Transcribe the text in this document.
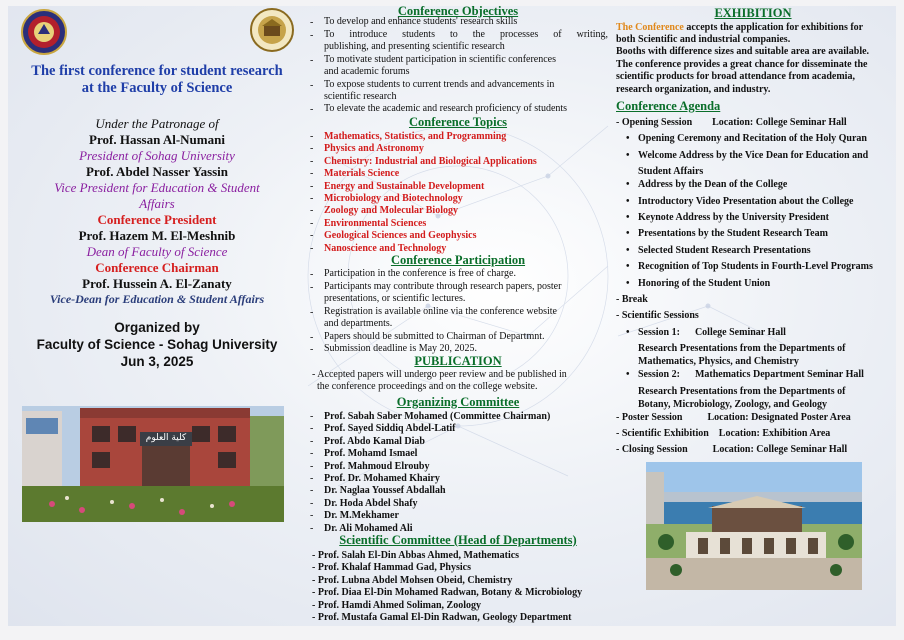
The first conference for student research
at the Faculty of Science
Under the Patronage of
Prof. Hassan Al-Numani
President of Sohag University
Prof. Abdel Nasser Yassin
Vice President for Education & Student
Affairs
Conference President
Prof. Hazem M. El-Meshnib
Dean of Faculty of Science
Conference Chairman
Prof. Hussein A. El-Zanaty
Vice-Dean for Education & Student Affairs
Organized by
Faculty of Science - Sohag University
Jun 3, 2025
كلية العلوم
Conference Objectives
- To develop and enhance students' research skills
- To introduce students to the processes of writing,
publishing, and presenting scientific research
- To motivate student participation in scientific conferences
and academic forums
- To expose students to current trends and advancements in
scientific research
- To elevate the academic and research proficiency of students
Conference Topics
- Mathematics, Statistics, and Programming
- Physics and Astronomy
- Chemistry: Industrial and Biological Applications
- Materials Science
- Energy and Sustainable Development
- Microbiology and Biotechnology
- Zoology and Molecular Biology
- Environmental Sciences
- Geological Sciences and Geophysics
- Nanoscience and Technology
Conference Participation
- Participation in the conference is free of charge.
- Participants may contribute through research papers, poster
presentations, or scientific lectures.
- Registration is available online via the conference website
and departments.
- Papers should be submitted to Chairman of Departmnt.
- Submission deadline is May 20, 2025.
PUBLICATION
- Accepted papers will undergo peer review and be published in
the conference proceedings and on the college website.
Organizing Committee
- Prof. Sabah Saber Mohamed (Committee Chairman)
- Prof. Sayed Siddiq Abdel-Latif
- Prof. Abdo Kamal Diab
- Prof. Mohamd Ismael
- Prof. Mahmoud Elrouby
- Prof. Dr. Mohamed Khairy
- Dr. Naglaa Youssef Abdallah
- Dr. Hoda Abdel Shafy
- Dr. M.Mekhamer
- Dr. Ali Mohamed Ali
Scientific Committee (Head of Departments)
- Prof. Salah El-Din Abbas Ahmed, Mathematics
- Prof. Khalaf Hammad Gad, Physics
- Prof. Lubna Abdel Mohsen Obeid, Chemistry
- Prof. Diaa El-Din Mohamed Radwan, Botany & Microbiology
- Prof. Hamdi Ahmed Soliman, Zoology
- Prof. Mustafa Gamal El-Din Radwan, Geology Department
EXHIBITION
The Conference accepts the application for exhibitions for
both Scientific and industrial companies.
Booths with difference sizes and suitable area are available.
The conference provides a great chance for disseminate the
scientific products for broad attendance from academia,
research organization, and industry.
Conference Agenda
- Opening Session        Location: College Seminar Hall
• Opening Ceremony and Recitation of the Holy Quran
• Welcome Address by the Vice Dean for Education and
Student Affairs
• Address by the Dean of the College
• Introductory Video Presentation about the College
• Keynote Address by the University President
• Presentations by the Student Research Team
• Selected Student Research Presentations
• Recognition of Top Students in Fourth-Level Programs
• Honoring of the Student Union
- Break
- Scientific Sessions
• Session 1:      College Seminar Hall
Research Presentations from the Departments of
Mathematics, Physics, and Chemistry
• Session 2:      Mathematics Department Seminar Hall
Research Presentations from the Departments of
Botany, Microbiology, Zoology, and Geology
- Poster Session          Location: Designated Poster Area
- Scientific Exhibition    Location: Exhibition Area
- Closing Session          Location: College Seminar Hall
